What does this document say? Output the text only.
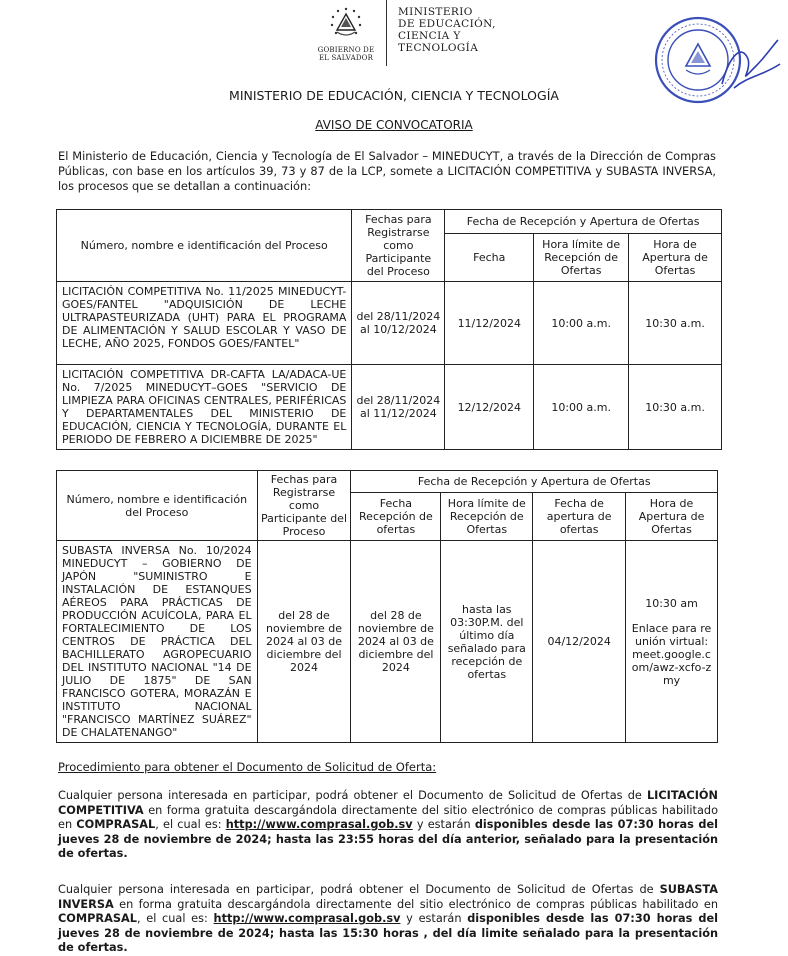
GOBIERNO DE
EL SALVADOR
MINISTERIO
DE EDUCACIÓN,
CIENCIA Y
TECNOLOGÍA
MINISTERIO DE EDUCACIÓN, CIENCIA Y TECNOLOGÍA
AVISO DE CONVOCATORIA
El Ministerio de Educación, Ciencia y Tecnología de El Salvador – MINEDUCYT, a través de la Dirección de Compras Públicas, con base en los artículos 39, 73 y 87 de la LCP, somete a LICITACIÓN COMPETITIVA y SUBASTA INVERSA, los procesos que se detallan a continuación:
Número, nombre e identificación del Proceso	Fechas para Registrarse como Participante del Proceso	Fecha de Recepción y Apertura de Ofertas		
		Fecha	Hora límite de Recepción de Ofertas	Hora de Apertura de Ofertas
LICITACIÓN COMPETITIVA No. 11/2025 MINEDUCYT-GOES/FANTEL "ADQUISICIÓN DE LECHE ULTRAPASTEURIZADA (UHT) PARA EL PROGRAMA DE ALIMENTACIÓN Y SALUD ESCOLAR Y VASO DE LECHE, AÑO 2025, FONDOS GOES/FANTEL"	del 28/11/2024 al 10/12/2024	11/12/2024	10:00 a.m.	10:30 a.m.
LICITACIÓN COMPETITIVA DR-CAFTA LA/ADACA-UE No. 7/2025 MINEDUCYT–GOES "SERVICIO DE LIMPIEZA PARA OFICINAS CENTRALES, PERIFÉRICAS Y DEPARTAMENTALES DEL MINISTERIO DE EDUCACIÓN, CIENCIA Y TECNOLOGÍA, DURANTE EL PERIODO DE FEBRERO A DICIEMBRE DE 2025"	del 28/11/2024 al 11/12/2024	12/12/2024	10:00 a.m.	10:30 a.m.
Número, nombre e identificación del Proceso	Fechas para Registrarse como Participante del Proceso	Fecha de Recepción y Apertura de Ofertas			
		Fecha Recepción de ofertas	Hora límite de Recepción de Ofertas	Fecha de apertura de ofertas	Hora de Apertura de Ofertas
SUBASTA INVERSA No. 10/2024 MINEDUCYT – GOBIERNO DE JAPÓN "SUMINISTRO E INSTALACIÓN DE ESTANQUES AÉREOS PARA PRÁCTICAS DE PRODUCCIÓN ACUÍCOLA, PARA EL FORTALECIMIENTO DE LOS CENTROS DE PRÁCTICA DEL BACHILLERATO AGROPECUARIO DEL INSTITUTO NACIONAL "14 DE JULIO DE 1875" DE SAN FRANCISCO GOTERA, MORAZÁN E INSTITUTO NACIONAL "FRANCISCO MARTÍNEZ SUÁREZ" DE CHALATENANGO"	del 28 de noviembre de 2024 al 03 de diciembre del 2024	del 28 de noviembre de 2024 al 03 de diciembre del 2024	hasta las 03:30P.M. del último día señalado para recepción de ofertas	04/12/2024	10:30 am
Enlace para reunión virtual: meet.google.com/awz-xcfo-zmy
Procedimiento para obtener el Documento de Solicitud de Oferta:
Cualquier persona interesada en participar, podrá obtener el Documento de Solicitud de Ofertas de LICITACIÓN COMPETITIVA en forma gratuita descargándola directamente del sitio electrónico de compras públicas habilitado en COMPRASAL, el cual es: http://www.comprasal.gob.sv y estarán disponibles desde las 07:30 horas del jueves 28 de noviembre de 2024; hasta las 23:55 horas del día anterior, señalado para la presentación de ofertas.
Cualquier persona interesada en participar, podrá obtener el Documento de Solicitud de Ofertas de SUBASTA INVERSA en forma gratuita descargándola directamente del sitio electrónico de compras públicas habilitado en COMPRASAL, el cual es: http://www.comprasal.gob.sv y estarán disponibles desde las 07:30 horas del jueves 28 de noviembre de 2024; hasta las 15:30 horas , del día limite señalado para la presentación de ofertas.
